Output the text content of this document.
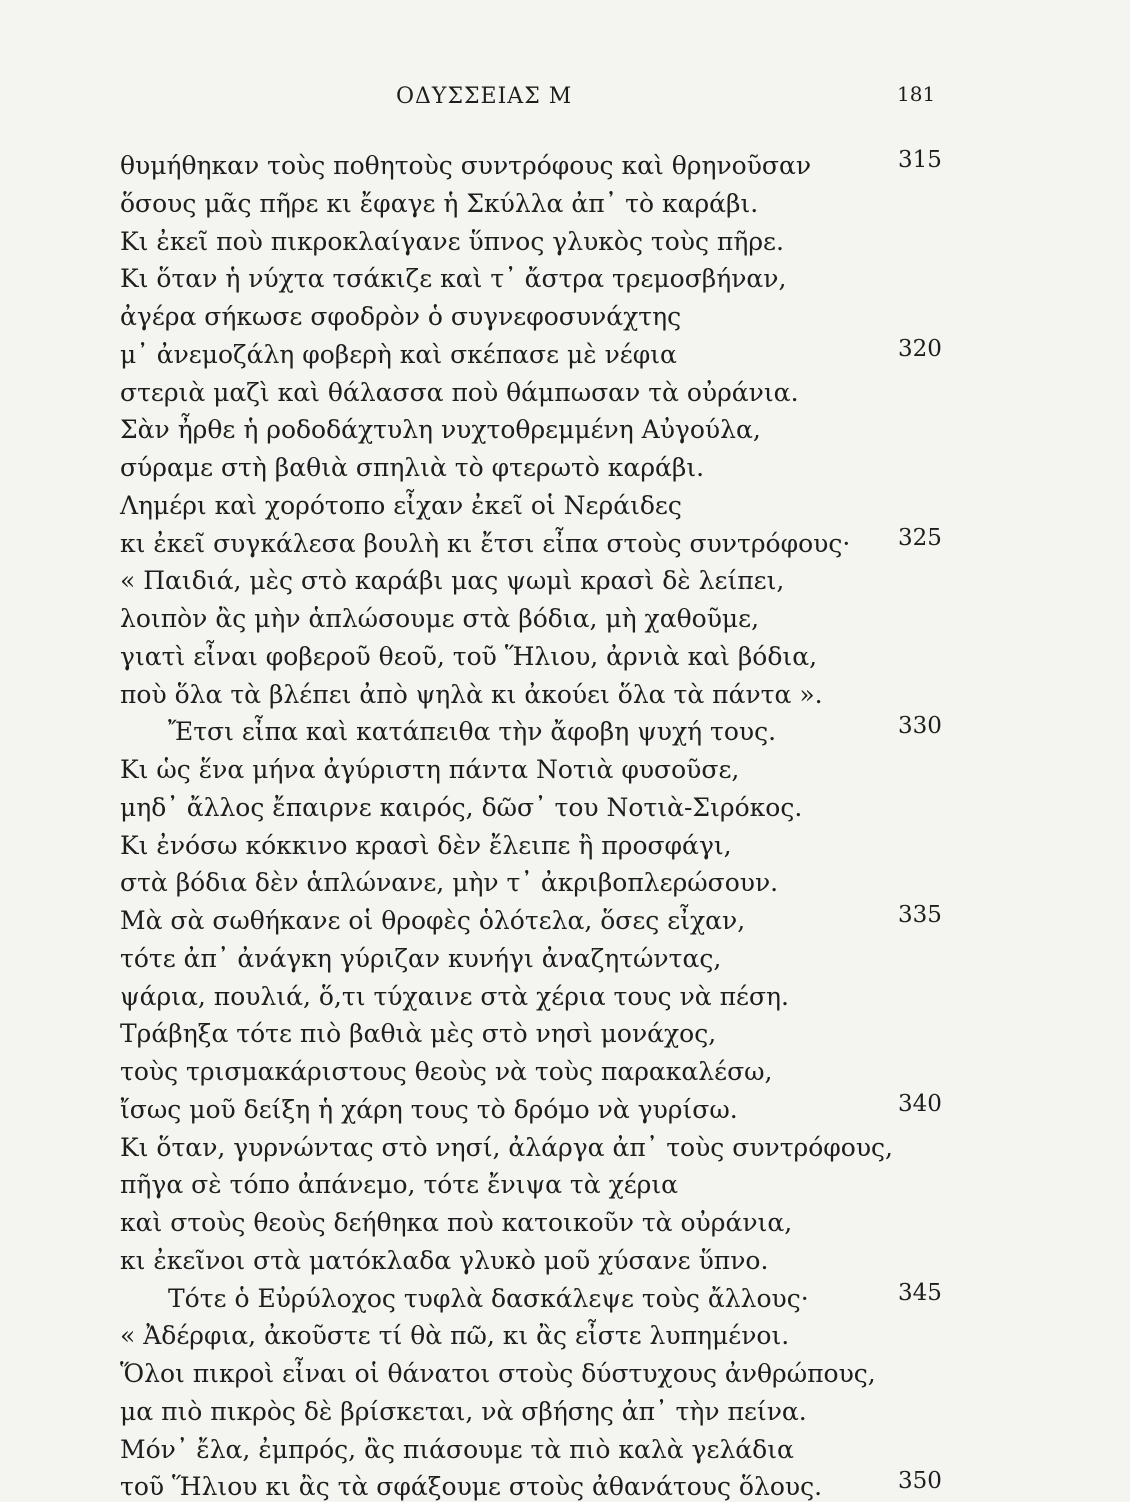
ΟΔΥΣΣΕΙΑΣ Μ	181
θυμήθηκαν τοὺς ποθητοὺς συντρόφους καὶ θρηνοῦσαν
ὅσους μᾶς πῆρε κι ἔφαγε ἡ Σκύλλα ἀπ᾽ τὸ καράβι.
Κι ἐκεῖ ποὺ πικροκλαίγανε ὕπνος γλυκὸς τοὺς πῆρε.
Κι ὅταν ἡ νύχτα τσάκιζε καὶ τ᾽ ἄστρα τρεμοσβήναν,
ἀγέρα σήκωσε σφοδρὸν ὁ συγνεφοσυνάχτης
μ᾽ ἀνεμοζάλη φοβερὴ καὶ σκέπασε μὲ νέφια
στεριὰ μαζὶ καὶ θάλασσα ποὺ θάμπωσαν τὰ οὐράνια.
Σὰν ἦρθε ἡ ροδοδάχτυλη νυχτοθρεμμένη Αὐγούλα,
σύραμε στὴ βαθιὰ σπηλιὰ τὸ φτερωτὸ καράβι.
Λημέρι καὶ χορότοπο εἶχαν ἐκεῖ οἱ Νεράιδες
κι ἐκεῖ συγκάλεσα βουλὴ κι ἔτσι εἶπα στοὺς συντρόφους·
« Παιδιά, μὲς στὸ καράβι μας ψωμὶ κρασὶ δὲ λείπει,
λοιπὸν ἂς μὴν ἁπλώσουμε στὰ βόδια, μὴ χαθοῦμε,
γιατὶ εἶναι φοβεροῦ θεοῦ, τοῦ Ἥλιου, ἀρνιὰ καὶ βόδια,
ποὺ ὅλα τὰ βλέπει ἀπὸ ψηλὰ κι ἀκούει ὅλα τὰ πάντα ».
Ἔτσι εἶπα καὶ κατάπειθα τὴν ἄφοβη ψυχή τους.
Κι ὡς ἕνα μήνα ἀγύριστη πάντα Νοτιὰ φυσοῦσε,
μηδ᾽ ἄλλος ἔπαιρνε καιρός, δῶσ᾽ του Νοτιὰ-Σιρόκος.
Κι ἐνόσω κόκκινο κρασὶ δὲν ἔλειπε ἢ προσφάγι,
στὰ βόδια δὲν ἁπλώνανε, μὴν τ᾽ ἀκριβοπλερώσουν.
Μὰ σὰ σωθήκανε οἱ θροφὲς ὁλότελα, ὅσες εἶχαν,
τότε ἀπ᾽ ἀνάγκη γύριζαν κυνήγι ἀναζητώντας,
ψάρια, πουλιά, ὅ,τι τύχαινε στὰ χέρια τους νὰ πέση.
Τράβηξα τότε πιὸ βαθιὰ μὲς στὸ νησὶ μονάχος,
τοὺς τρισμακάριστους θεοὺς νὰ τοὺς παρακαλέσω,
ἴσως μοῦ δείξη ἡ χάρη τους τὸ δρόμο νὰ γυρίσω.
Κι ὅταν, γυρνώντας στὸ νησί, ἀλάργα ἀπ᾽ τοὺς συντρόφους,
πῆγα σὲ τόπο ἀπάνεμο, τότε ἔνιψα τὰ χέρια
καὶ στοὺς θεοὺς δεήθηκα ποὺ κατοικοῦν τὰ οὐράνια,
κι ἐκεῖνοι στὰ ματόκλαδα γλυκὸ μοῦ χύσανε ὕπνο.
Τότε ὁ Εὐρύλοχος τυφλὰ δασκάλεψε τοὺς ἄλλους·
« Ἀδέρφια, ἀκοῦστε τί θὰ πῶ, κι ἂς εἶστε λυπημένοι.
Ὅλοι πικροὶ εἶναι οἱ θάνατοι στοὺς δύστυχους ἀνθρώπους,
μα πιὸ πικρὸς δὲ βρίσκεται, νὰ σβήσης ἀπ᾽ τὴν πείνα.
Μόν᾽ ἔλα, ἐμπρός, ἂς πιάσουμε τὰ πιὸ καλὰ γελάδια
τοῦ Ἥλιου κι ἂς τὰ σφάξουμε στοὺς ἀθανάτους ὅλους.
315
320
325
330
335
340
345
350
